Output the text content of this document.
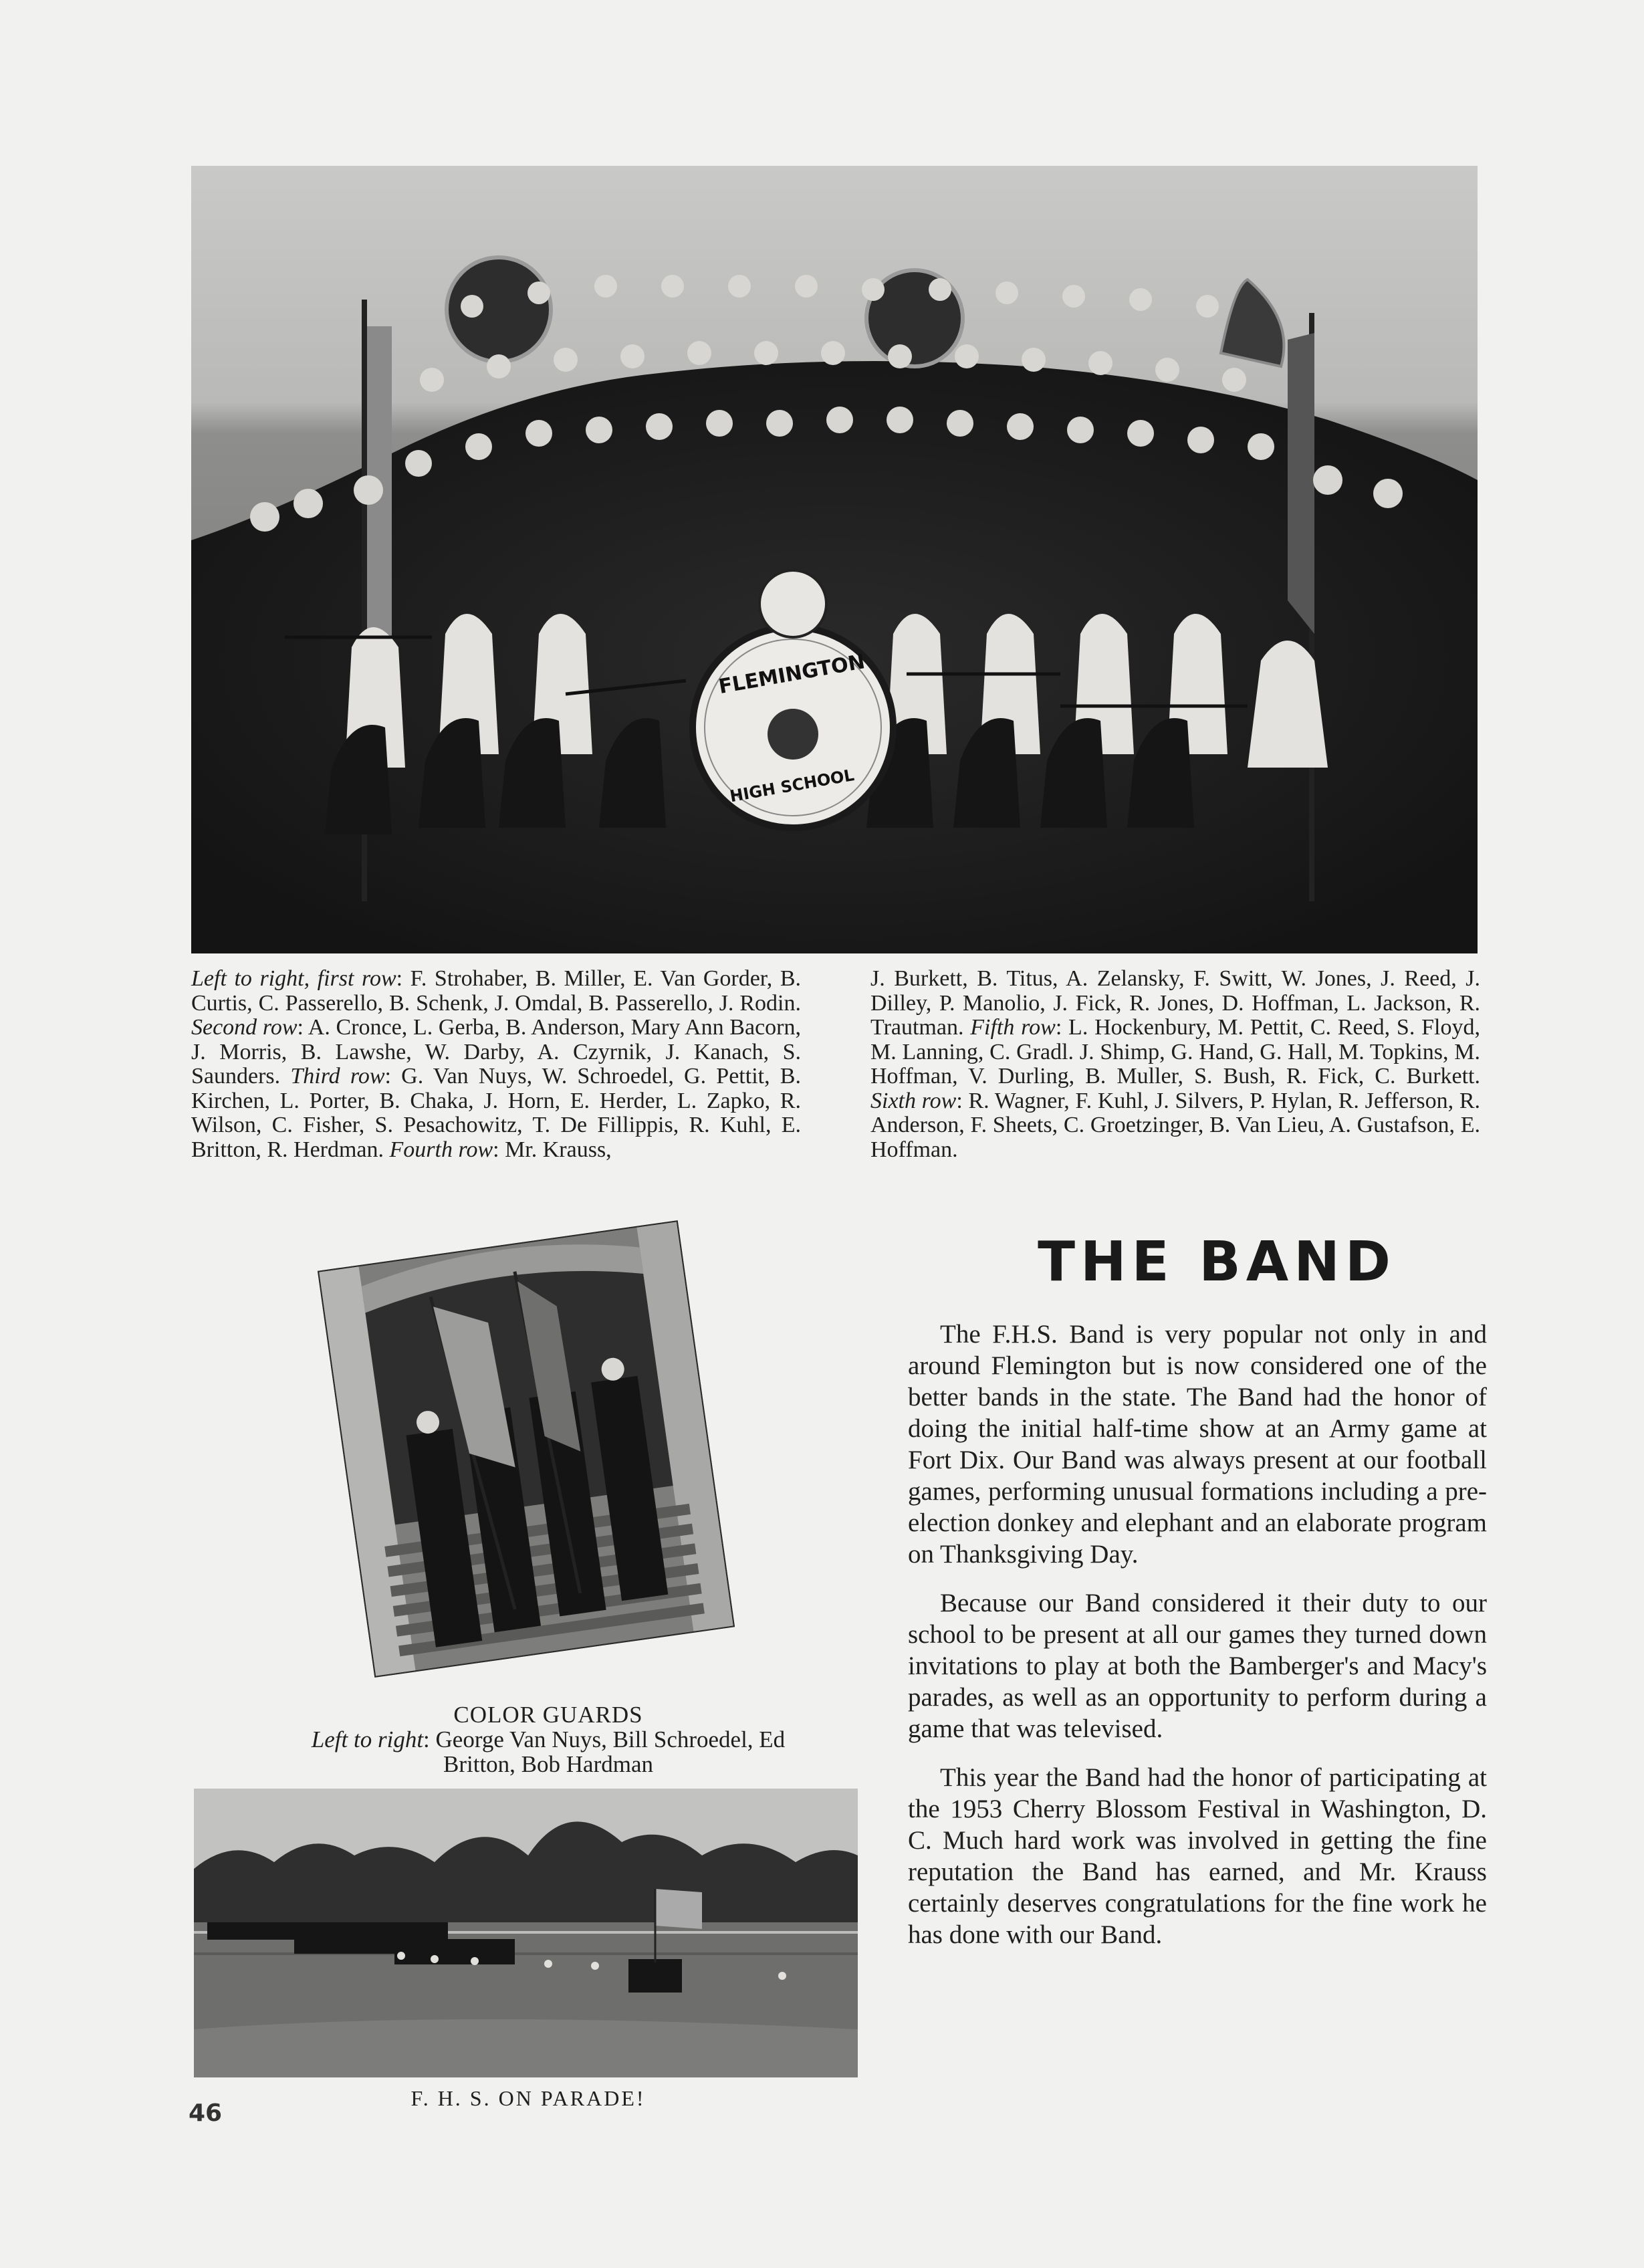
FLEMINGTON
HIGH SCHOOL
Left to right, first row: F. Strohaber, B. Miller, E. Van Gorder, B. Curtis, C. Passerello, B. Schenk, J. Omdal, B. Passerello, J. Rodin. Second row: A. Cronce, L. Gerba, B. Anderson, Mary Ann Bacorn, J. Morris, B. Lawshe, W. Darby, A. Czyrnik, J. Kanach, S. Saunders. Third row: G. Van Nuys, W. Schroedel, G. Pettit, B. Kirchen, L. Porter, B. Chaka, J. Horn, E. Herder, L. Zapko, R. Wilson, C. Fisher, S. Pesachowitz, T. De Fillippis, R. Kuhl, E. Britton, R. Herdman. Fourth row: Mr. Krauss,
J. Burkett, B. Titus, A. Zelansky, F. Switt, W. Jones, J. Reed, J. Dilley, P. Manolio, J. Fick, R. Jones, D. Hoffman, L. Jackson, R. Trautman. Fifth row: L. Hockenbury, M. Pettit, C. Reed, S. Floyd, M. Lanning, C. Gradl. J. Shimp, G. Hand, G. Hall, M. Topkins, M. Hoffman, V. Durling, B. Muller, S. Bush, R. Fick, C. Burkett. Sixth row: R. Wagner, F. Kuhl, J. Silvers, P. Hylan, R. Jefferson, R. Anderson, F. Sheets, C. Groetzinger, B. Van Lieu, A. Gustafson, E. Hoffman.
COLOR GUARDS
Left to right: George Van Nuys, Bill Schroedel, Ed Britton, Bob Hardman
F. H. S. ON PARADE!
THE BAND

The F.H.S. Band is very popular not only in and around Flemington but is now considered one of the better bands in the state. The Band had the honor of doing the initial half-time show at an Army game at Fort Dix. Our Band was always present at our football games, performing unusual formations including a pre-election donkey and elephant and an elaborate program on Thanksgiving Day.

Because our Band considered it their duty to our school to be present at all our games they turned down invitations to play at both the Bamberger's and Macy's parades, as well as an opportunity to perform during a game that was televised.

This year the Band had the honor of participating at the 1953 Cherry Blossom Festival in Washington, D. C. Much hard work was involved in getting the fine reputation the Band has earned, and Mr. Krauss certainly deserves congratulations for the fine work he has done with our Band.

46
